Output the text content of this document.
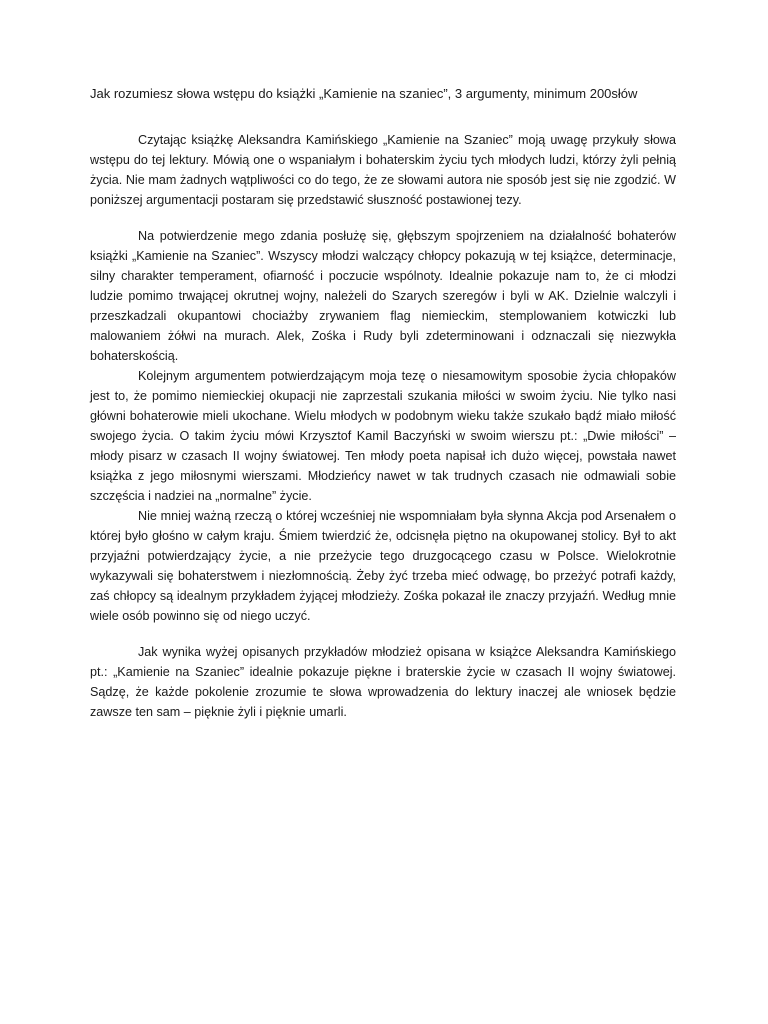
Jak rozumiesz słowa wstępu do książki „Kamienie na szaniec”, 3 argumenty, minimum 200słów

Czytając książkę Aleksandra Kamińskiego „Kamienie na Szaniec” moją uwagę przykuły słowa wstępu do tej lektury. Mówią one o wspaniałym i bohaterskim życiu tych młodych ludzi, którzy żyli pełnią życia. Nie mam żadnych wątpliwości co do tego, że ze słowami autora nie sposób jest się nie zgodzić. W poniższej argumentacji postaram się przedstawić słuszność postawionej tezy.

Na potwierdzenie mego zdania posłużę się, głębszym spojrzeniem na działalność bohaterów książki „Kamienie na Szaniec”. Wszyscy młodzi walczący chłopcy pokazują w tej książce, determinacje, silny charakter temperament, ofiarność i poczucie wspólnoty. Idealnie pokazuje nam to, że ci młodzi ludzie pomimo trwającej okrutnej wojny, należeli do Szarych szeregów i byli w AK. Dzielnie walczyli i przeszkadzali okupantowi chociażby zrywaniem flag niemieckim, stemplowaniem kotwiczki lub malowaniem żółwi na murach. Alek, Zośka i Rudy byli zdeterminowani i odznaczali się niezwykła bohaterskością.

Kolejnym argumentem potwierdzającym moja tezę o niesamowitym sposobie życia chłopaków jest to, że pomimo niemieckiej okupacji nie zaprzestali szukania miłości w swoim życiu. Nie tylko nasi główni bohaterowie mieli ukochane. Wielu młodych w podobnym wieku także szukało bądź miało miłość swojego życia. O takim życiu mówi Krzysztof Kamil Baczyński w swoim wierszu pt.: „Dwie miłości” – młody pisarz w czasach II wojny światowej. Ten młody poeta napisał ich dużo więcej, powstała nawet książka z jego miłosnymi wierszami. Młodzieńcy nawet w tak trudnych czasach nie odmawiali sobie szczęścia i nadziei na „normalne” życie.

Nie mniej ważną rzeczą o której wcześniej nie wspomniałam była słynna Akcja pod Arsenałem o której było głośno w całym kraju. Śmiem twierdzić że, odcisnęła piętno na okupowanej stolicy. Był to akt przyjaźni potwierdzający życie, a nie przeżycie tego druzgocącego czasu w Polsce. Wielokrotnie wykazywali się bohaterstwem i niezłomnością. Żeby żyć trzeba mieć odwagę, bo przeżyć potrafi każdy, zaś chłopcy są idealnym przykładem żyjącej młodzieży. Zośka pokazał ile znaczy przyjaźń. Według mnie wiele osób powinno się od niego uczyć.

Jak wynika wyżej opisanych przykładów młodzież opisana w książce Aleksandra Kamińskiego pt.: „Kamienie na Szaniec” idealnie pokazuje piękne i braterskie życie w czasach II wojny światowej. Sądzę, że każde pokolenie zrozumie te słowa wprowadzenia do lektury inaczej ale wniosek będzie zawsze ten sam – pięknie żyli i pięknie umarli.
